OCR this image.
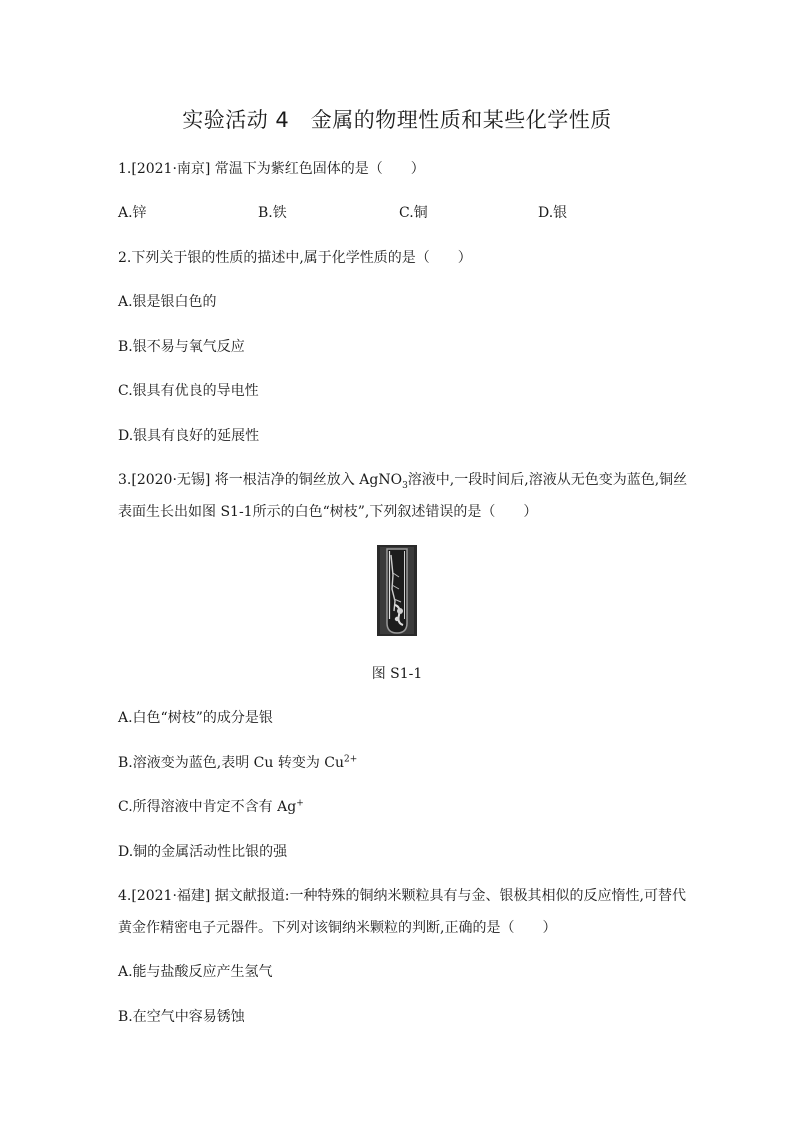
实验活动 4　金属的物理性质和某些化学性质
1.[2021·南京] 常温下为紫红色固体的是（　　）
A.锌	B.铁	C.铜	D.银
2.下列关于银的性质的描述中,属于化学性质的是（　　）
A.银是银白色的
B.银不易与氧气反应
C.银具有优良的导电性
D.银具有良好的延展性
3.[2020·无锡] 将一根洁净的铜丝放入 AgNO$_3$溶液中,一段时间后,溶液从无色变为蓝色,铜丝
表面生长出如图 S1-1所示的白色“树枝”,下列叙述错误的是（　　）
图 S1-1
A.白色“树枝”的成分是银
B.溶液变为蓝色,表明 Cu 转变为 $Cu^{2+}$
C.所得溶液中肯定不含有 Ag+
D.铜的金属活动性比银的强
4.[2021·福建] 据文献报道:一种特殊的铜纳米颗粒具有与金、银极其相似的反应惰性,可替代
黄金作精密电子元器件。下列对该铜纳米颗粒的判断,正确的是（　　）
A.能与盐酸反应产生氢气
B.在空气中容易锈蚀
